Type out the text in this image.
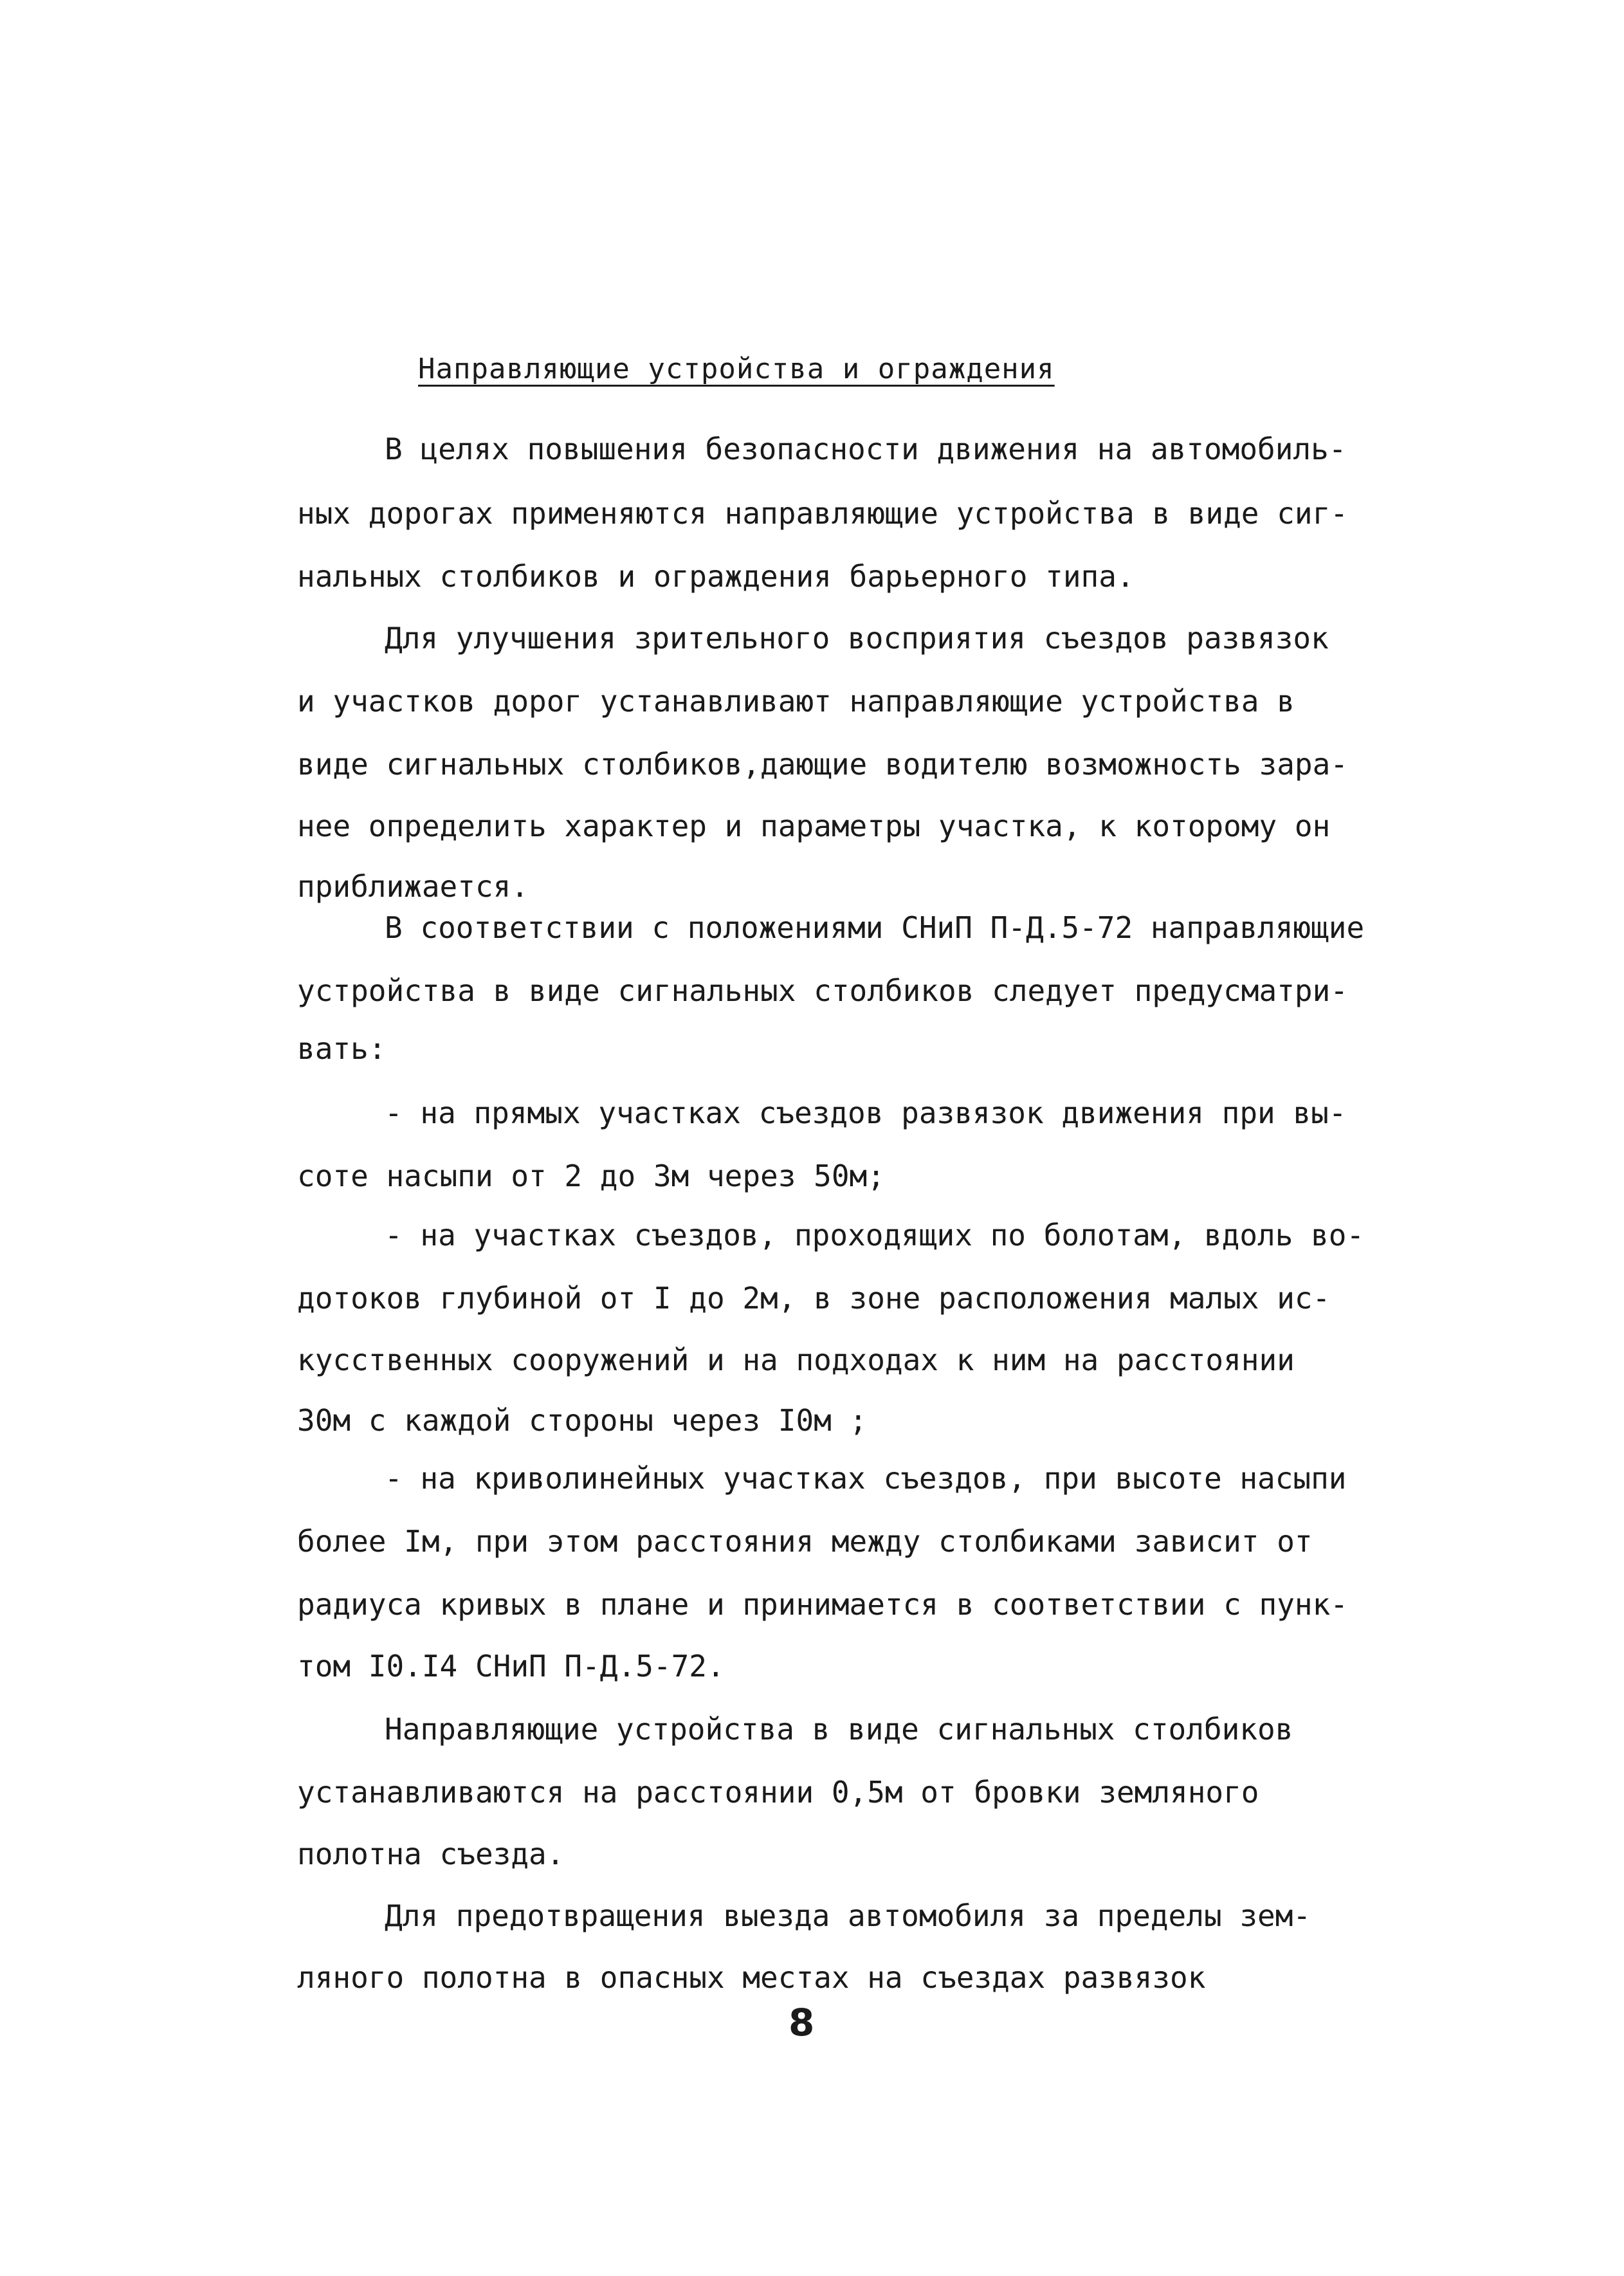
Направляющие устройства и ограждения
В целях повышения безопасности движения на автомобиль-
ных дорогах применяются направляющие устройства в виде сиг-
нальных столбиков и ограждения барьерного типа.
Для улучшения зрительного восприятия съездов развязок
и участков дорог устанавливают направляющие устройства в
виде сигнальных столбиков,дающие водителю возможность зара-
нее определить характер и параметры участка, к которому он
приближается.
В соответствии с положениями СНиП П-Д.5-72 направляющие
устройства в виде сигнальных столбиков следует предусматри-
вать:
- на прямых участках съездов развязок движения при вы-
соте насыпи от 2 до 3м через 50м;
- на участках съездов, проходящих по болотам, вдоль во-
дотоков глубиной от I до 2м, в зоне расположения малых ис-
кусственных сооружений и на подходах к ним на расстоянии
30м с каждой стороны через I0м ;
- на криволинейных участках съездов, при высоте насыпи
более Iм, при этом расстояния между столбиками зависит от
радиуса кривых в плане и принимается в соответствии с пунк-
том I0.I4 СНиП П-Д.5-72.
Направляющие устройства в виде сигнальных столбиков
устанавливаются на расстоянии 0,5м от бровки земляного
полотна съезда.
Для предотвращения выезда автомобиля за пределы зем-
ляного полотна в опасных местах на съездах развязок
8
